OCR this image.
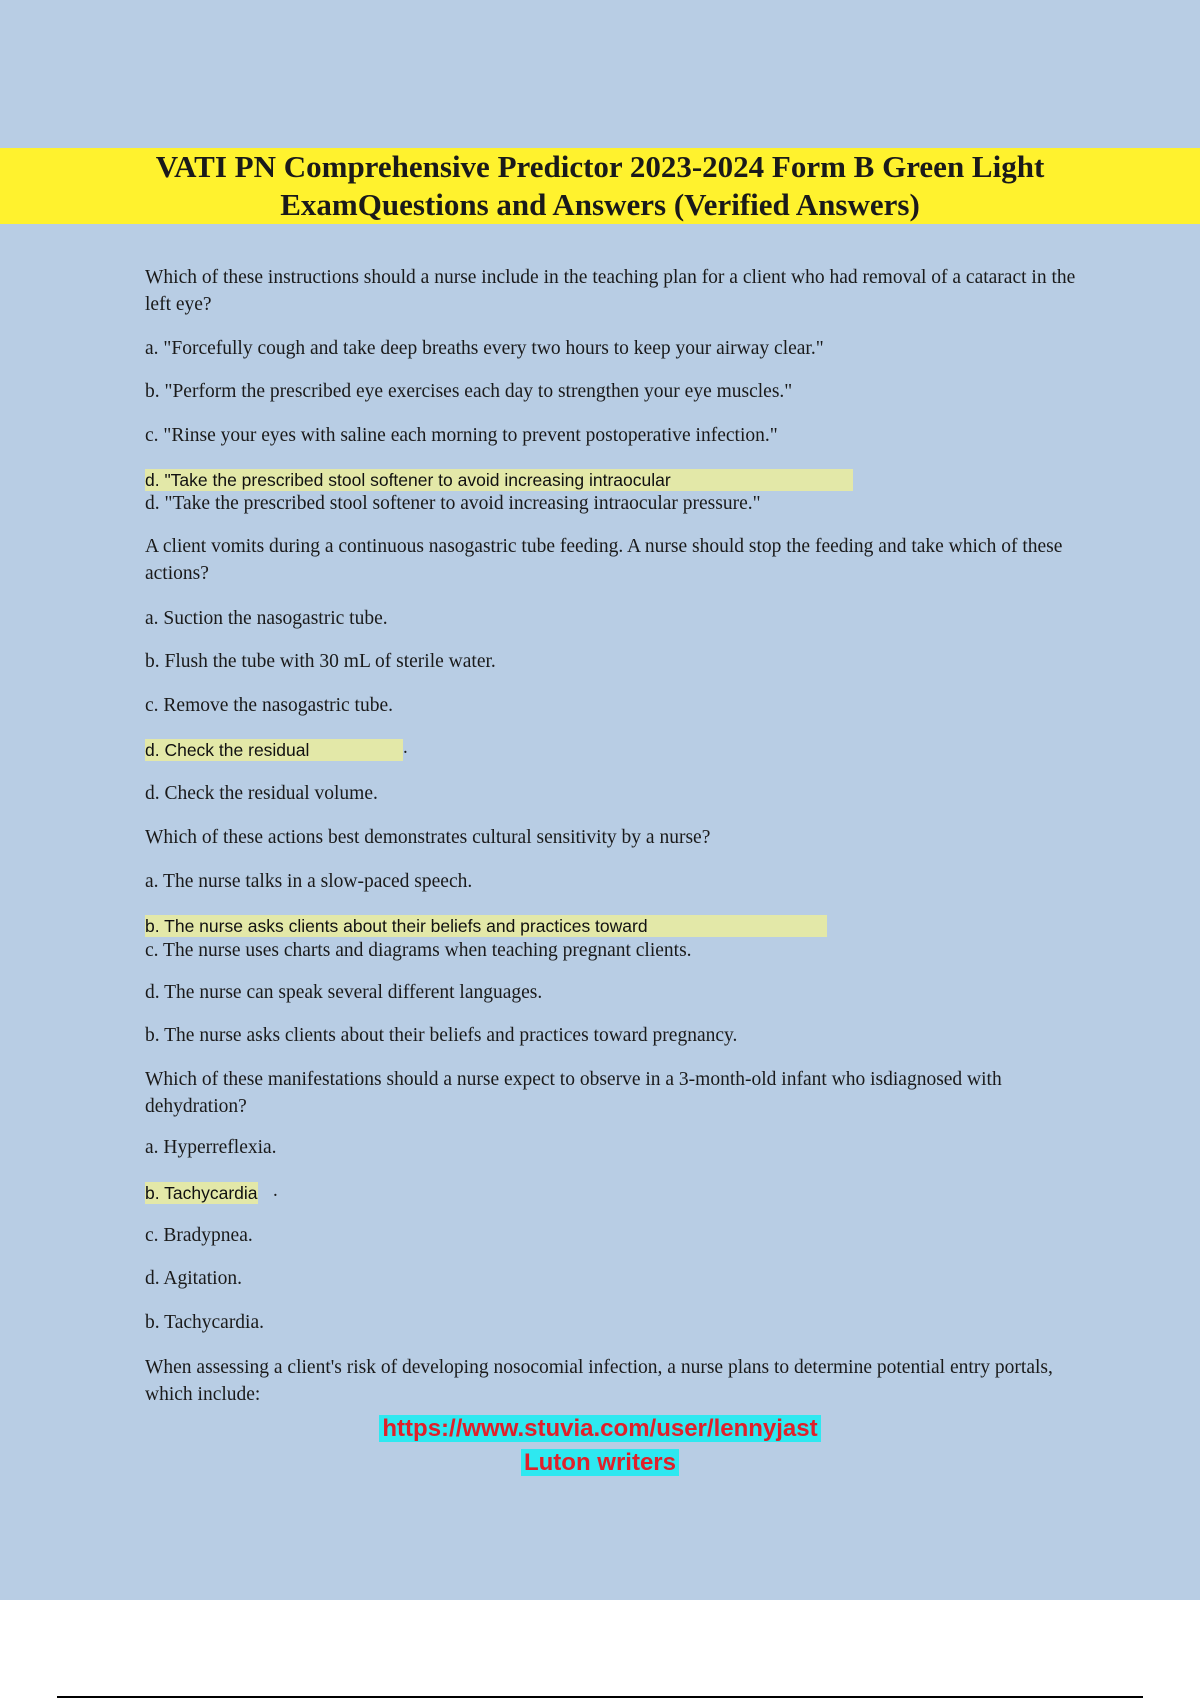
VATI PN Comprehensive Predictor 2023-2024 Form B Green Light
ExamQuestions and Answers (Verified Answers)
Which of these instructions should a nurse include in the teaching plan for a client who had removal of a cataract in the left eye?
a. "Forcefully cough and take deep breaths every two hours to keep your airway clear."
b. "Perform the prescribed eye exercises each day to strengthen your eye muscles."
c. "Rinse your eyes with saline each morning to prevent postoperative infection."
d. "Take the prescribed stool softener to avoid increasing intraocular
d. "Take the prescribed stool softener to avoid increasing intraocular pressure."
A client vomits during a continuous nasogastric tube feeding. A nurse should stop the feeding and take which of these actions?
a. Suction the nasogastric tube.
b. Flush the tube with 30 mL of sterile water.
c. Remove the nasogastric tube.
d. Check the residual	.
d. Check the residual volume.
Which of these actions best demonstrates cultural sensitivity by a nurse?
a. The nurse talks in a slow-paced speech.
b. The nurse asks clients about their beliefs and practices toward
c. The nurse uses charts and diagrams when teaching pregnant clients.
d. The nurse can speak several different languages.
b. The nurse asks clients about their beliefs and practices toward pregnancy.
Which of these manifestations should a nurse expect to observe in a 3-month-old infant who isdiagnosed with dehydration?
a. Hyperreflexia.
b. Tachycardia .
c. Bradypnea.
d. Agitation.
b. Tachycardia.
When assessing a client's risk of developing nosocomial infection, a nurse plans to determine potential entry portals, which include:
https://www.stuvia.com/user/lennyjast
Luton writers
